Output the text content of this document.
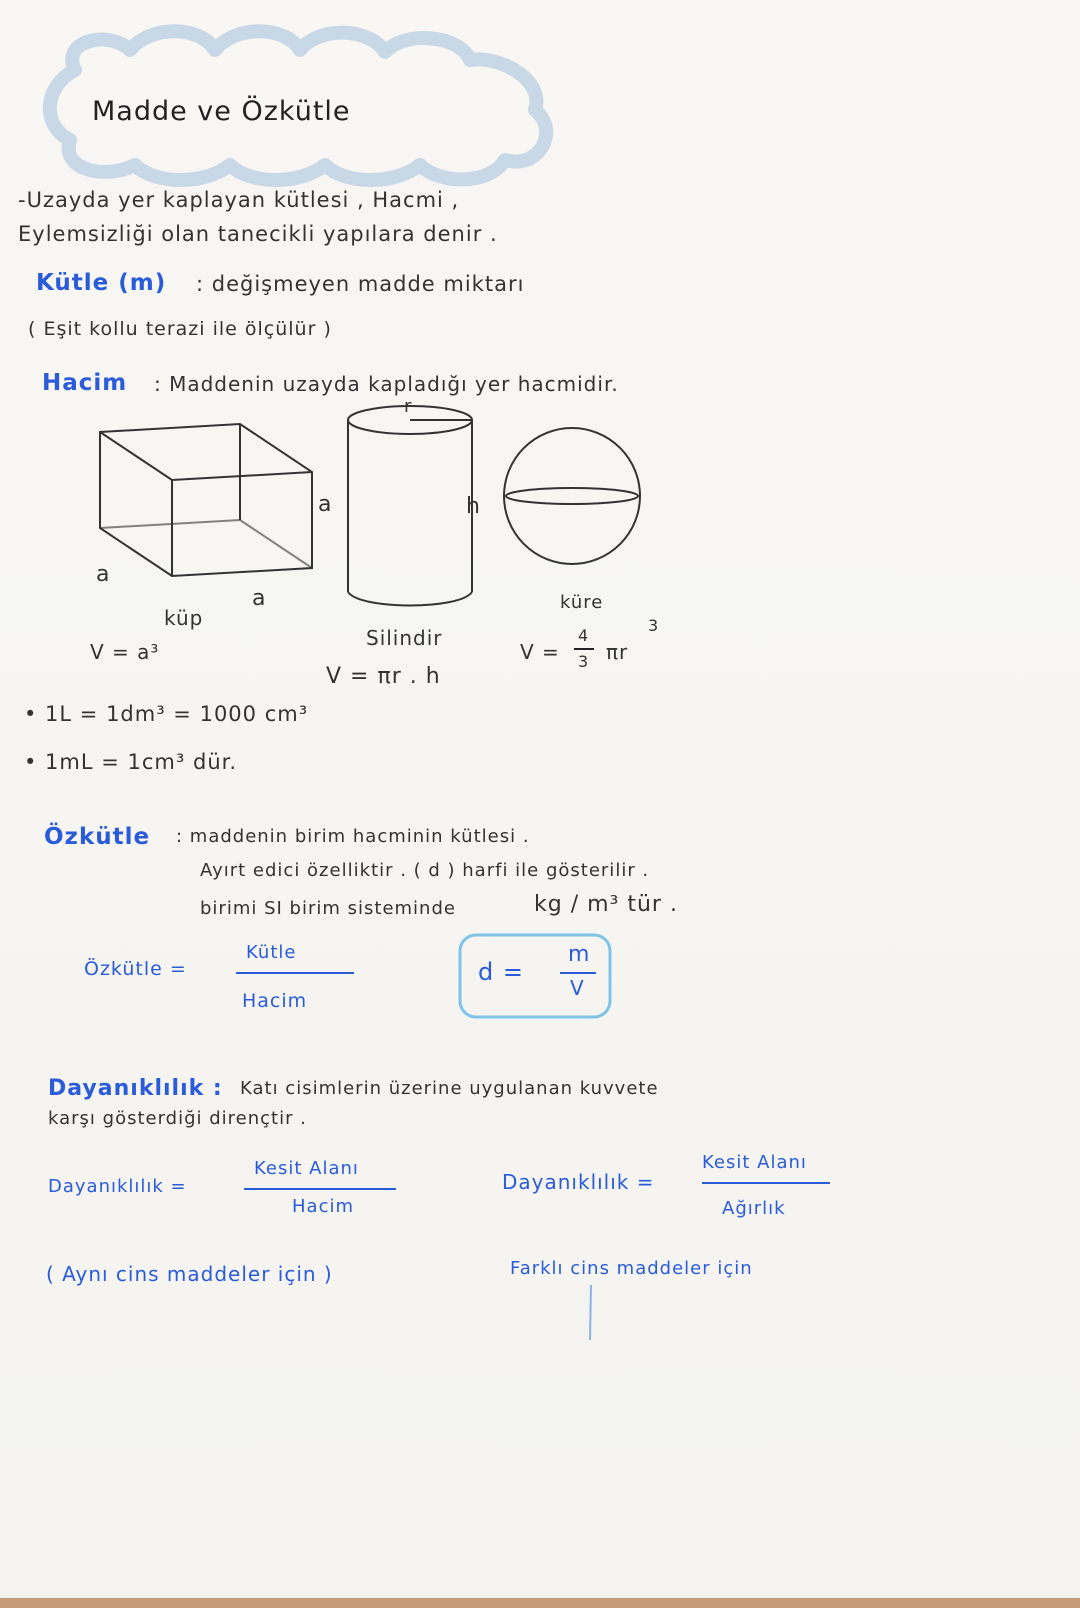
Madde ve Özkütle
-Uzayda yer kaplayan kütlesi , Hacmi ,
Eylemsizliği olan tanecikli yapılara denir .
Kütle (m) : değişmeyen madde miktarı
( Eşit kollu terazi ile ölçülür )
Hacim : Maddenin uzayda kapladığı yer hacmidir.
a
a
a
küp
V = a³
r
h
Silindir
V = πr . h
küre
V =
4
3 πr
3
• 1L = 1dm³ = 1000 cm³
• 1mL = 1cm³ dür.
Özkütle : maddenin birim hacminin kütlesi .
Ayırt edici özelliktir . ( d ) harfi ile gösterilir .
birimi SI birim sisteminde	kg / m³ tür .
Özkütle =
Kütle
Hacim
d =
m
V
Dayanıklılık : Katı cisimlerin üzerine uygulanan kuvvete
karşı gösterdiği dirençtir .
Dayanıklılık =
Kesit Alanı
Hacim
( Aynı cins maddeler için )
Dayanıklılık =
Kesit Alanı
Ağırlık
Farklı cins maddeler için
